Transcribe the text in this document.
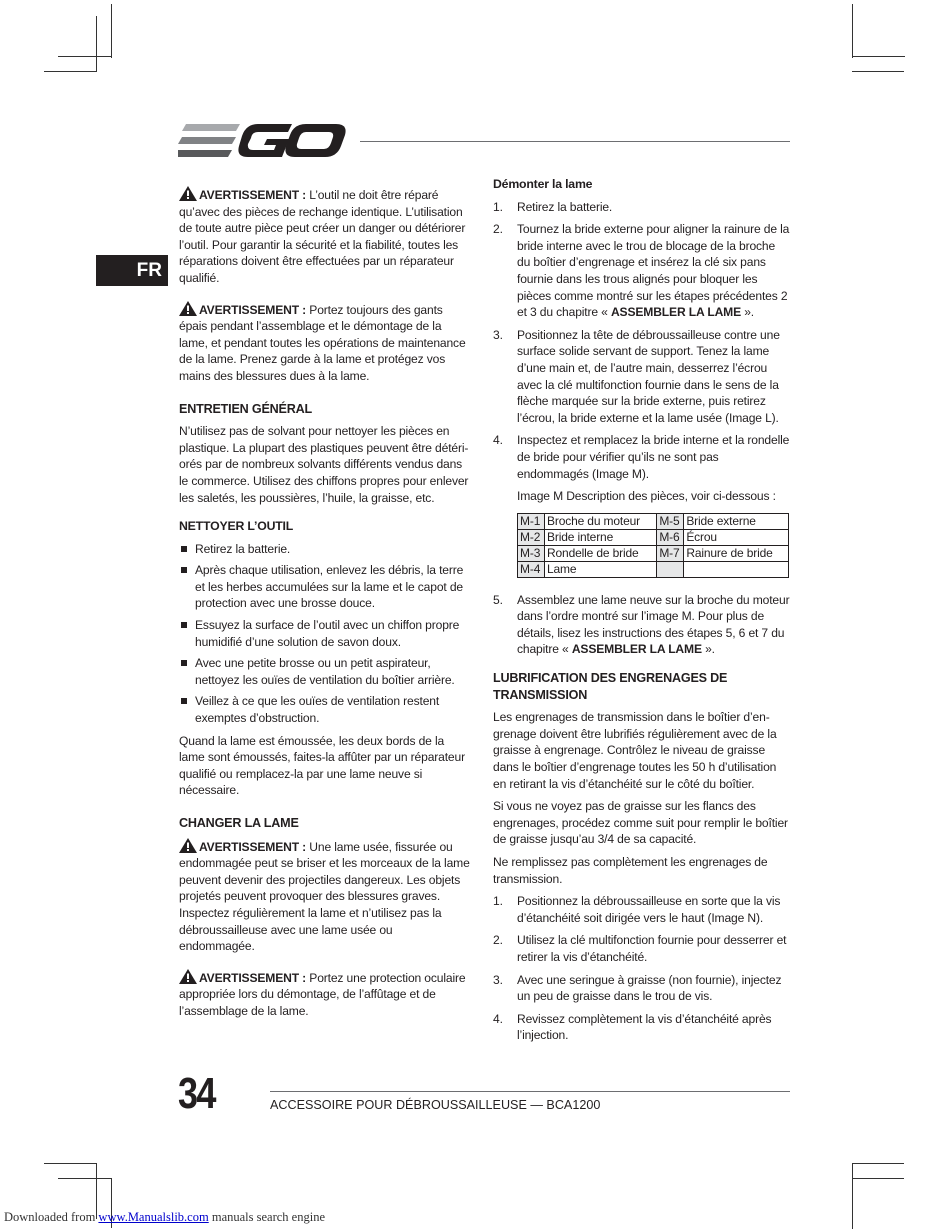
FR

AVERTISSEMENT : L’outil ne doit être réparé qu’avec des pièces de rechange identique. L’utilisation de toute autre pièce peut créer un danger ou détériorer l’outil. Pour garantir la sécurité et la fiabilité, toutes les réparations doivent être effectuées par un réparateur qualifié.

AVERTISSEMENT : Portez toujours des gants épais pendant l’assemblage et le démontage de la lame, et pendant toutes les opérations de maintenance de la lame. Prenez garde à la lame et protégez vos mains des blessures dues à la lame.

ENTRETIEN GÉNÉRAL

N’utilisez pas de solvant pour nettoyer les pièces en plastique. La plupart des plastiques peuvent être détéri-orés par de nombreux solvants différents vendus dans le commerce. Utilisez des chiffons propres pour enlever les saletés, les poussières, l’huile, la graisse, etc.

NETTOYER L’OUTIL
Retirez la batterie.
Après chaque utilisation, enlevez les débris, la terre et les herbes accumulées sur la lame et le capot de protection avec une brosse douce.
Essuyez la surface de l’outil avec un chiffon propre humidifié d’une solution de savon doux.
Avec une petite brosse ou un petit aspirateur, nettoyez les ouïes de ventilation du boîtier arrière.
Veillez à ce que les ouïes de ventilation restent exemptes d’obstruction.

Quand la lame est émoussée, les deux bords de la lame sont émoussés, faites-la affûter par un réparateur qualifié ou remplacez-la par une lame neuve si nécessaire.

CHANGER LA LAME

AVERTISSEMENT : Une lame usée, fissurée ou endommagée peut se briser et les morceaux de la lame peuvent devenir des projectiles dangereux. Les objets projetés peuvent provoquer des blessures graves. Inspectez régulièrement la lame et n’utilisez pas la débroussailleuse avec une lame usée ou endommagée.

AVERTISSEMENT : Portez une protection oculaire appropriée lors du démontage, de l’affûtage et de l’assemblage de la lame.

Démonter la lame
1. Retirez la batterie.
2. Tournez la bride externe pour aligner la rainure de la bride interne avec le trou de blocage de la broche du boîtier d’engrenage et insérez la clé six pans fournie dans les trous alignés pour bloquer les pièces comme montré sur les étapes précédentes 2 et 3 du chapitre « ASSEMBLER LA LAME ».
3. Positionnez la tête de débroussailleuse contre une surface solide servant de support. Tenez la lame d’une main et, de l’autre main, desserrez l’écrou avec la clé multifonction fournie dans le sens de la flèche marquée sur la bride externe, puis retirez l’écrou, la bride externe et la lame usée (Image L).
4. Inspectez et remplacez la bride interne et la rondelle de bride pour vérifier qu’ils ne sont pas endommagés (Image M).
Image M Description des pièces, voir ci-dessous :
M-1	Broche du moteur	M-5	Bride externe
M-2	Bride interne	M-6	Écrou
M-3	Rondelle de bride	M-7	Rainure de bride
M-4	Lame		
5. Assemblez une lame neuve sur la broche du moteur dans l’ordre montré sur l’image M. Pour plus de détails, lisez les instructions des étapes 5, 6 et 7 du chapitre « ASSEMBLER LA LAME ».
LUBRIFICATION DES ENGRENAGES DE TRANSMISSION

Les engrenages de transmission dans le boîtier d’en-grenage doivent être lubrifiés régulièrement avec de la graisse à engrenage. Contrôlez le niveau de graisse dans le boîtier d’engrenage toutes les 50 h d’utilisation en retirant la vis d’étanchéité sur le côté du boîtier.

Si vous ne voyez pas de graisse sur les flancs des engrenages, procédez comme suit pour remplir le boîtier de graisse jusqu’au 3/4 de sa capacité.

Ne remplissez pas complètement les engrenages de transmission.

1. Positionnez la débroussailleuse en sorte que la vis d’étanchéité soit dirigée vers le haut (Image N).
2. Utilisez la clé multifonction fournie pour desserrer et retirer la vis d’étanchéité.
3. Avec une seringue à graisse (non fournie), injectez un peu de graisse dans le trou de vis.
4. Revissez complètement la vis d’étanchéité après l’injection.
34	ACCESSOIRE POUR DÉBROUSSAILLEUSE — BCA1200
Downloaded from www.Manualslib.com manuals search engine
